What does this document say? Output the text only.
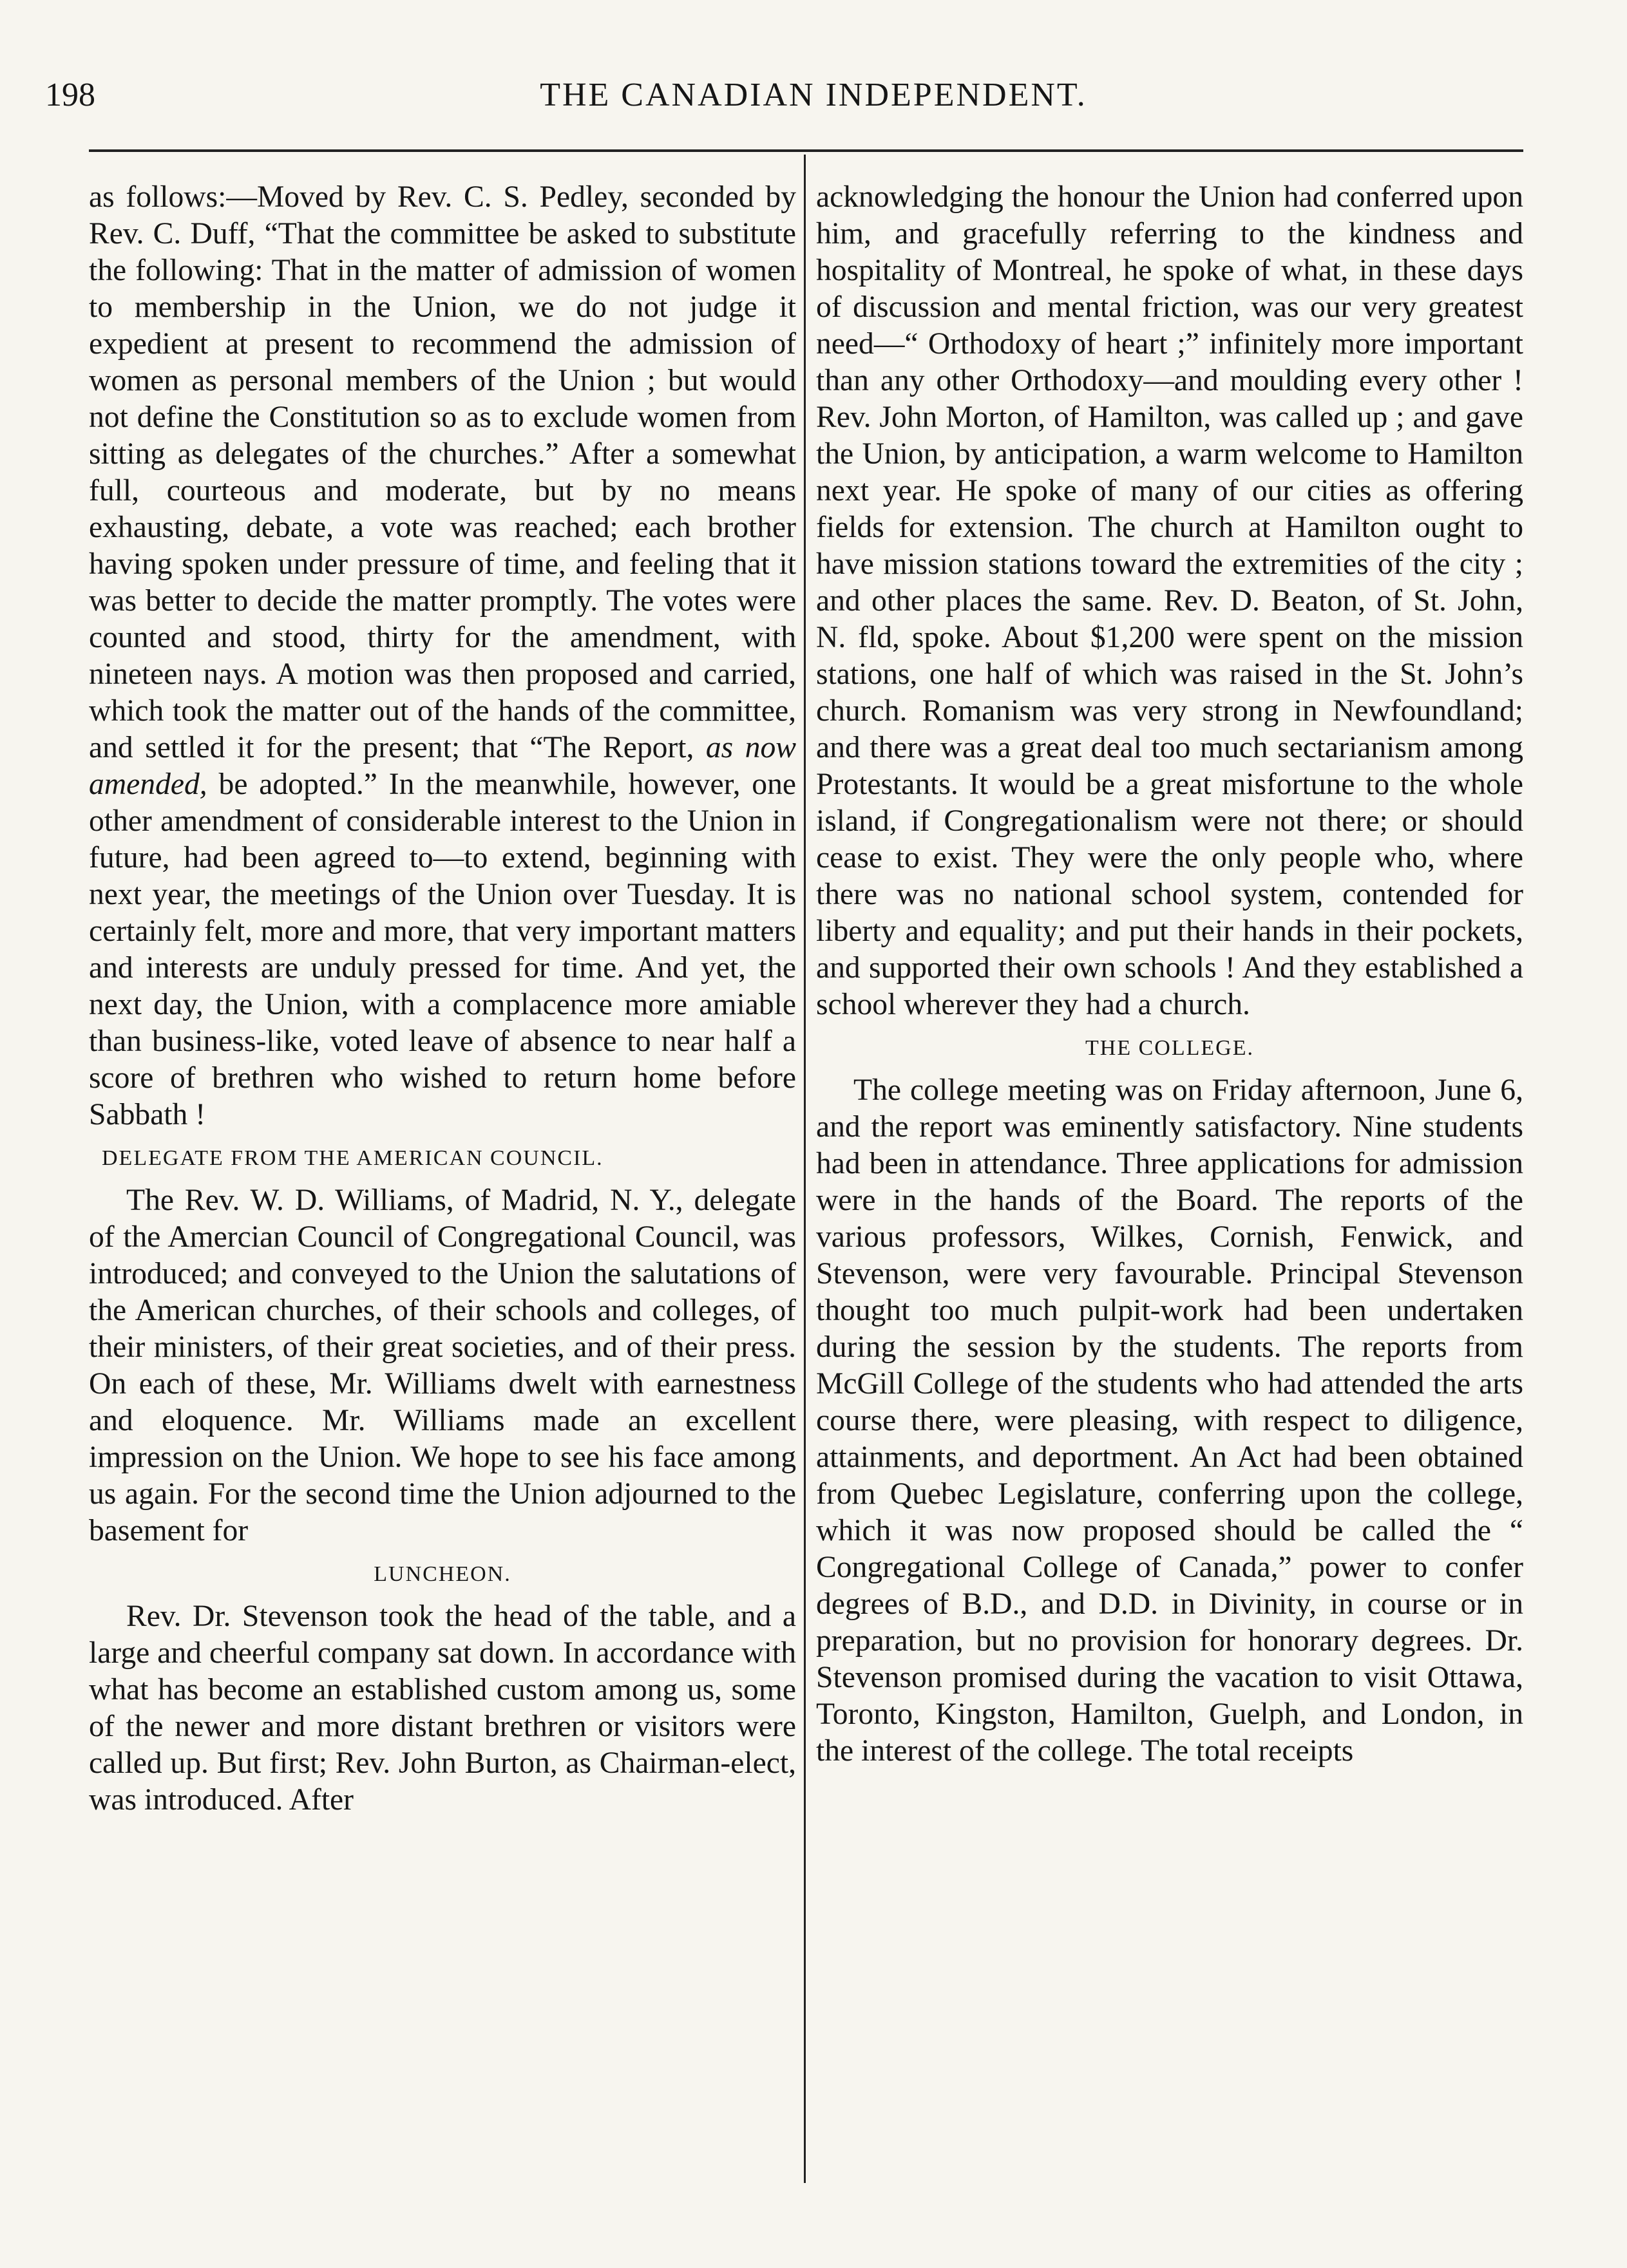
198	THE CANADIAN INDEPENDENT.

as follows:—Moved by Rev. C. S. Pedley, seconded by Rev. C. Duff, “That the committee be asked to substitute the following: That in the matter of admission of women to membership in the Union, we do not judge it expedient at present to recommend the admission of women as personal members of the Union ; but would not define the Constitution so as to exclude women from sitting as delegates of the churches.” After a somewhat full, courteous and moderate, but by no means exhausting, debate, a vote was reached; each brother having spoken under pressure of time, and feeling that it was better to decide the matter promptly. The votes were counted and stood, thirty for the amendment, with nineteen nays. A motion was then proposed and carried, which took the matter out of the hands of the committee, and settled it for the present; that “The Report, as now amended, be adopted.” In the meanwhile, however, one other amendment of considerable interest to the Union in future, had been agreed to—to extend, beginning with next year, the meetings of the Union over Tuesday. It is certainly felt, more and more, that very important matters and interests are unduly pressed for time. And yet, the next day, the Union, with a complacence more amiable than business-like, voted leave of absence to near half a score of brethren who wished to return home before Sabbath !

DELEGATE FROM THE AMERICAN COUNCIL.

The Rev. W. D. Williams, of Madrid, N. Y., delegate of the Amercian Council of Congregational Council, was introduced; and conveyed to the Union the salutations of the American churches, of their schools and colleges, of their ministers, of their great societies, and of their press. On each of these, Mr. Williams dwelt with earnestness and eloquence. Mr. Williams made an excellent impression on the Union. We hope to see his face among us again. For the second time the Union adjourned to the basement for

LUNCHEON.

Rev. Dr. Stevenson took the head of the table, and a large and cheerful company sat down. In accordance with what has become an established custom among us, some of the newer and more distant brethren or visitors were called up. But first; Rev. John Burton, as Chairman-elect, was introduced. After

acknowledging the honour the Union had conferred upon him, and gracefully referring to the kindness and hospitality of Montreal, he spoke of what, in these days of discussion and mental friction, was our very greatest need—“ Orthodoxy of heart ;” infinitely more important than any other Orthodoxy—and moulding every other ! Rev. John Morton, of Hamilton, was called up ; and gave the Union, by anticipation, a warm welcome to Hamilton next year. He spoke of many of our cities as offering fields for extension. The church at Hamilton ought to have mission stations toward the extremities of the city ; and other places the same. Rev. D. Beaton, of St. John, N. fld, spoke. About $1,200 were spent on the mission stations, one half of which was raised in the St. John’s church. Romanism was very strong in Newfoundland; and there was a great deal too much sectarianism among Protestants. It would be a great misfortune to the whole island, if Congregationalism were not there; or should cease to exist. They were the only people who, where there was no national school system, contended for liberty and equality; and put their hands in their pockets, and supported their own schools ! And they established a school wherever they had a church.

THE COLLEGE.

The college meeting was on Friday afternoon, June 6, and the report was eminently satisfactory. Nine students had been in attendance. Three applications for admission were in the hands of the Board. The reports of the various professors, Wilkes, Cornish, Fenwick, and Stevenson, were very favourable. Principal Stevenson thought too much pulpit-work had been undertaken during the session by the students. The reports from McGill College of the students who had attended the arts course there, were pleasing, with respect to diligence, attainments, and deportment. An Act had been obtained from Quebec Legislature, conferring upon the college, which it was now proposed should be called the “ Congregational College of Canada,” power to confer degrees of B.D., and D.D. in Divinity, in course or in preparation, but no provision for honorary degrees. Dr. Stevenson promised during the vacation to visit Ottawa, Toronto, Kingston, Hamilton, Guelph, and London, in the interest of the college. The total receipts
